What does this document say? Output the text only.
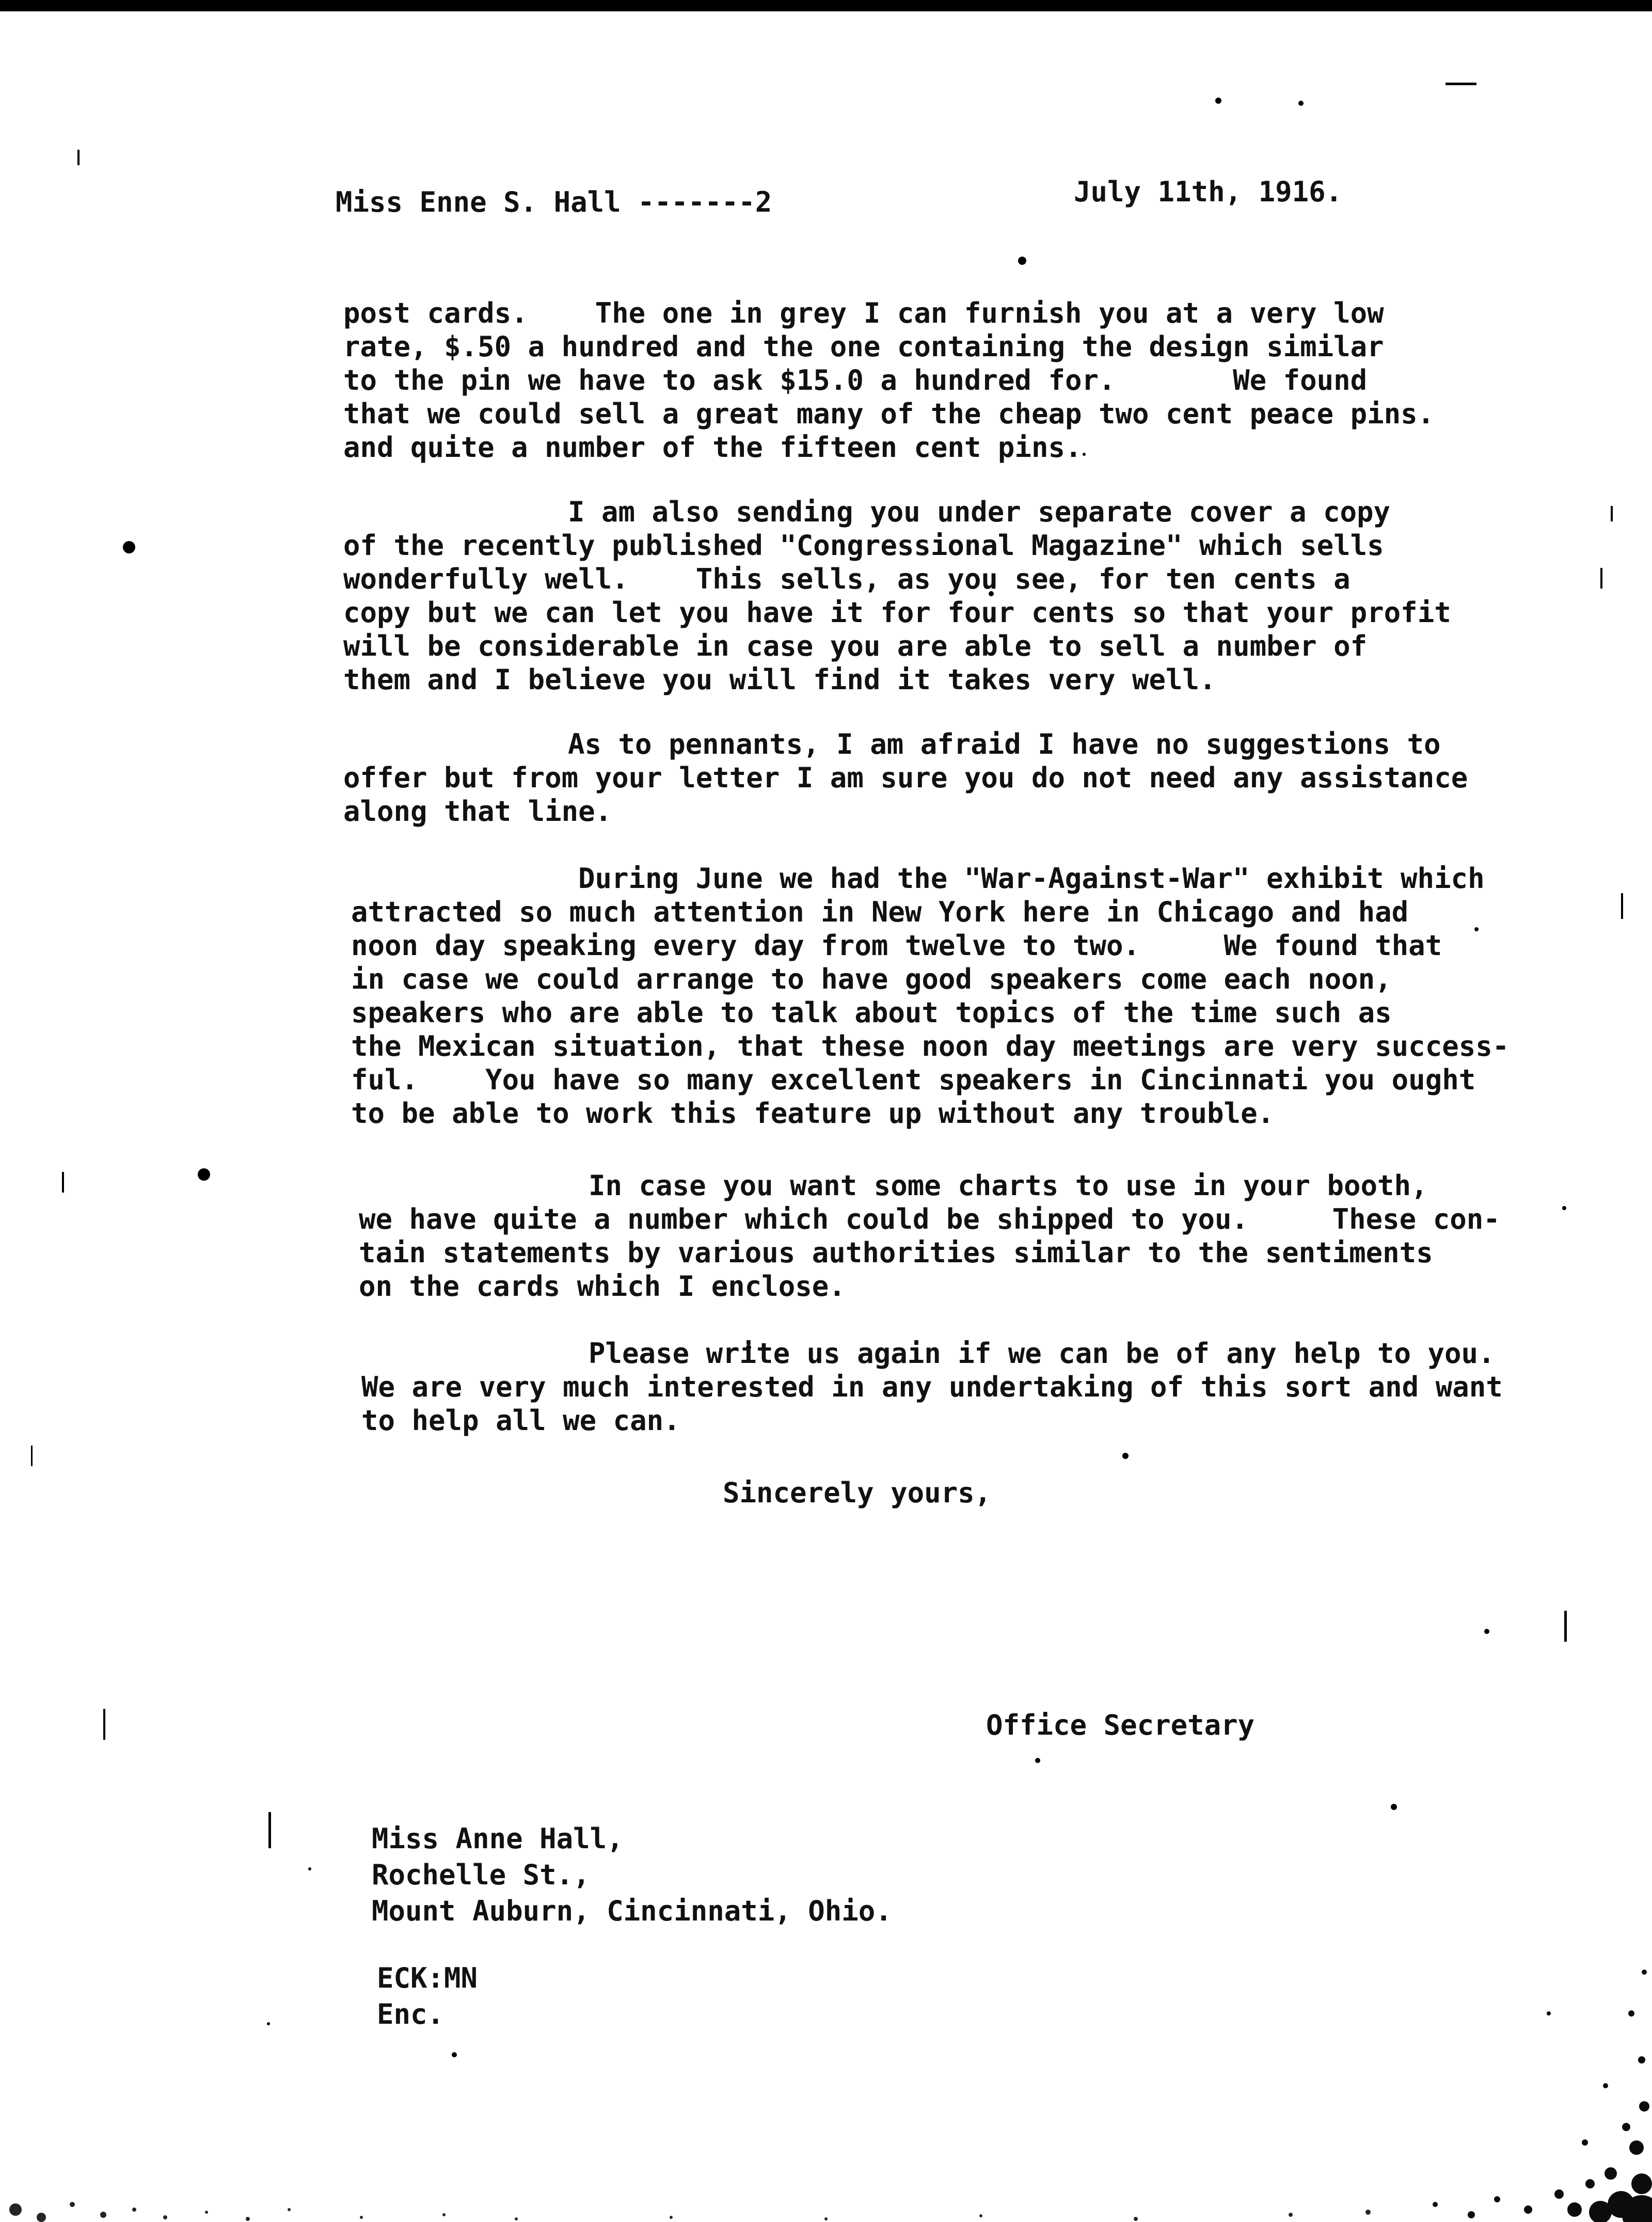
Miss Enne S. Hall -------2	July 11th, 1916.
post cards.    The one in grey I can furnish you at a very low
rate, $.50 a hundred and the one containing the design similar
to the pin we have to ask $15.0 a hundred for.       We found
that we could sell a great many of the cheap two cent peace pins.
and quite a number of the fifteen cent pins.
I am also sending you under separate cover a copy
of the recently published "Congressional Magazine" which sells
wonderfully well.    This sells, as you see, for ten cents a
copy but we can let you have it for four cents so that your profit
will be considerable in case you are able to sell a number of
them and I believe you will find it takes very well.
As to pennants, I am afraid I have no suggestions to
offer but from your letter I am sure you do not need any assistance
along that line.
During June we had the "War-Against-War" exhibit which
attracted so much attention in New York here in Chicago and had
noon day speaking every day from twelve to two.     We found that
in case we could arrange to have good speakers come each noon,
speakers who are able to talk about topics of the time such as
the Mexican situation, that these noon day meetings are very success-
ful.    You have so many excellent speakers in Cincinnati you ought
to be able to work this feature up without any trouble.
In case you want some charts to use in your booth,
we have quite a number which could be shipped to you.     These con-
tain statements by various authorities similar to the sentiments
on the cards which I enclose.
Please write us again if we can be of any help to you.
We are very much interested in any undertaking of this sort and want
to help all we can.
Sincerely yours,
Office Secretary
Miss Anne Hall,
Rochelle St.,
Mount Auburn, Cincinnati, Ohio.
ECK:MN
Enc.
